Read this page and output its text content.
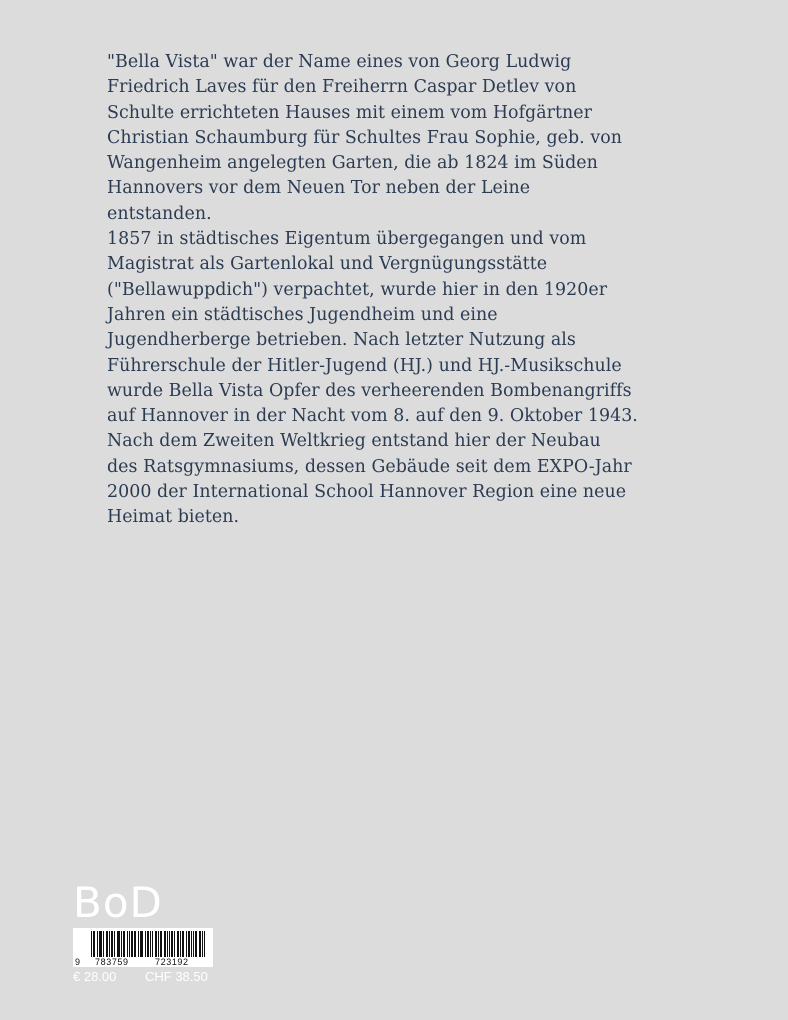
"Bella Vista" war der Name eines von Georg Ludwig
Friedrich Laves für den Freiherrn Caspar Detlev von
Schulte errichteten Hauses mit einem vom Hofgärtner
Christian Schaumburg für Schultes Frau Sophie, geb. von
Wangenheim angelegten Garten, die ab 1824 im Süden
Hannovers vor dem Neuen Tor neben der Leine
entstanden.
1857 in städtisches Eigentum übergegangen und vom
Magistrat als Gartenlokal und Vergnügungsstätte
("Bellawuppdich") verpachtet, wurde hier in den 1920er
Jahren ein städtisches Jugendheim und eine
Jugendherberge betrieben. Nach letzter Nutzung als
Führerschule der Hitler-Jugend (HJ.) und HJ.-Musikschule
wurde Bella Vista Opfer des verheerenden Bombenangriffs
auf Hannover in der Nacht vom 8. auf den 9. Oktober 1943.
Nach dem Zweiten Weltkrieg entstand hier der Neubau
des Ratsgymnasiums, dessen Gebäude seit dem EXPO-Jahr
2000 der International School Hannover Region eine neue
Heimat bieten.
BoD
9 783759	723192
€ 28.00 CHF 38.50
